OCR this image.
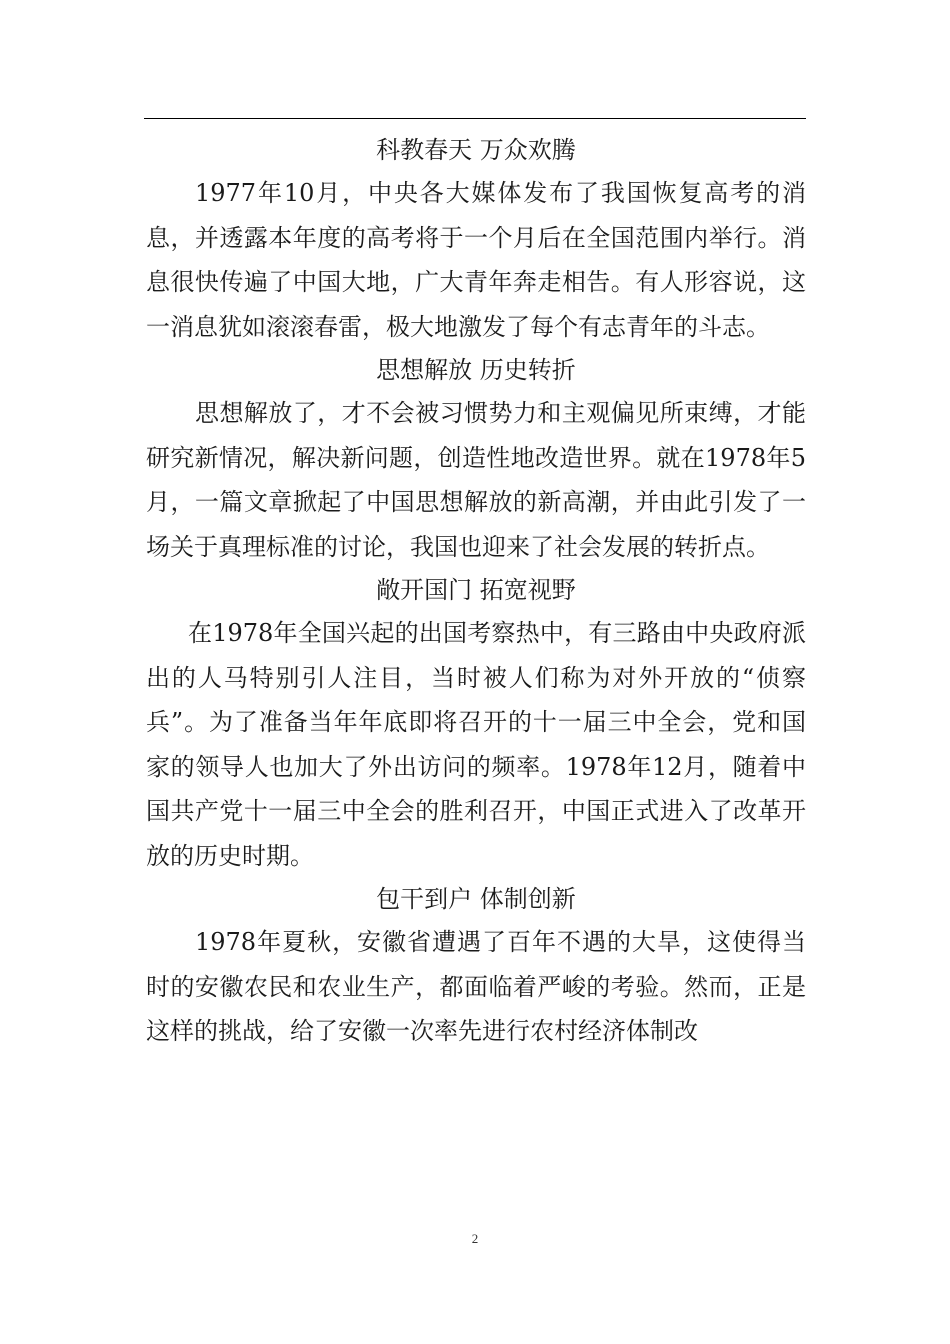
科教春天 万众欢腾

1977年10月，中央各大媒体发布了我国恢复高考的消息，并透露本年度的高考将于一个月后在全国范围内举行。消息很快传遍了中国大地，广大青年奔走相告。有人形容说，这一消息犹如滚滚春雷，极大地激发了每个有志青年的斗志。

思想解放 历史转折

思想解放了，才不会被习惯势力和主观偏见所束缚，才能研究新情况，解决新问题，创造性地改造世界。就在1978年5月，一篇文章掀起了中国思想解放的新高潮，并由此引发了一场关于真理标准的讨论，我国也迎来了社会发展的转折点。

敞开国门 拓宽视野

在1978年全国兴起的出国考察热中，有三路由中央政府派出的人马特别引人注目，当时被人们称为对外开放的“侦察兵”。为了准备当年年底即将召开的十一届三中全会，党和国家的领导人也加大了外出访问的频率。1978年12月，随着中国共产党十一届三中全会的胜利召开，中国正式进入了改革开放的历史时期。

包干到户 体制创新

1978年夏秋，安徽省遭遇了百年不遇的大旱，这使得当时的安徽农民和农业生产，都面临着严峻的考验。然而，正是这样的挑战，给了安徽一次率先进行农村经济体制改

2
